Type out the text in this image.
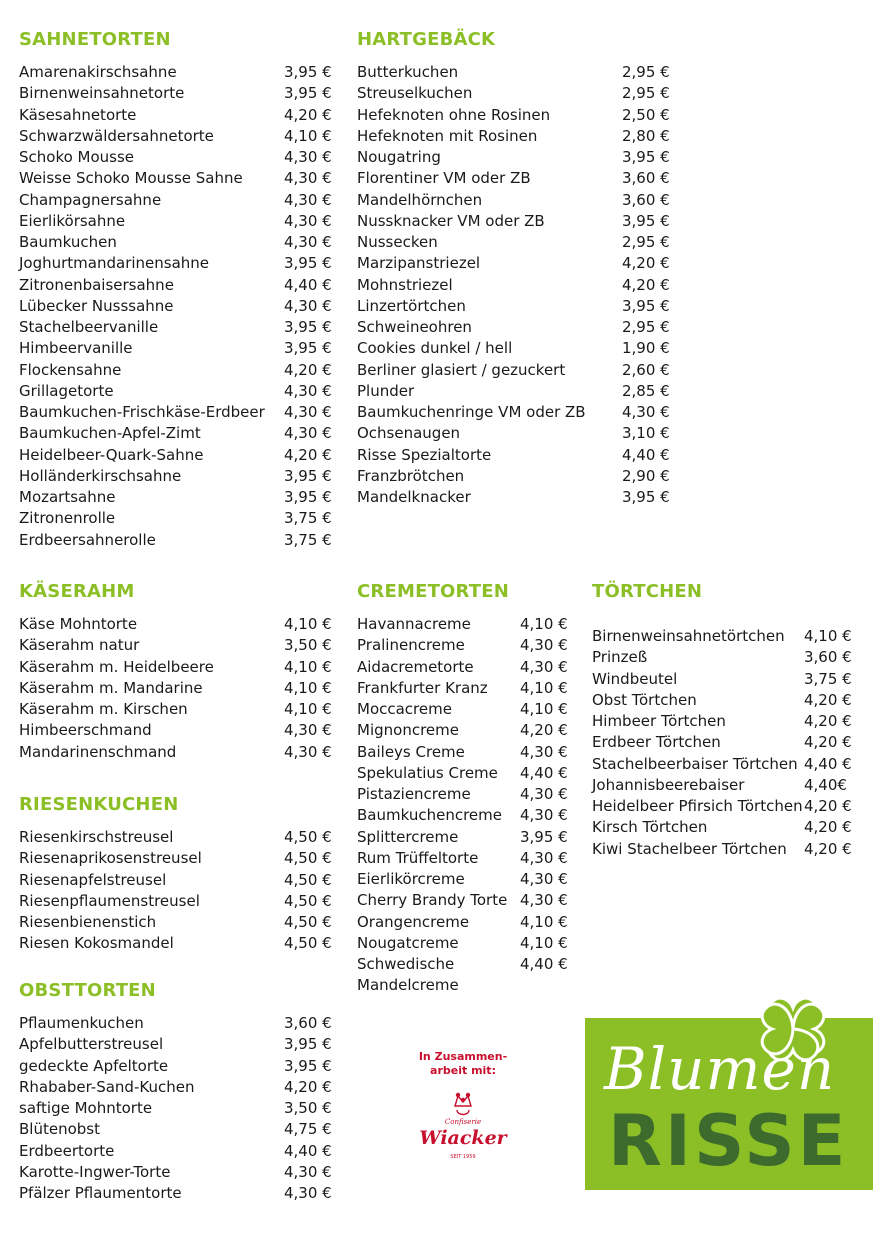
SAHNETORTEN
Amarenakirschsahne	3,95 €
Birnenweinsahnetorte	3,95 €
Käsesahnetorte	4,20 €
Schwarzwäldersahnetorte	4,10 €
Schoko Mousse	4,30 €
Weisse Schoko Mousse Sahne	4,30 €
Champagnersahne	4,30 €
Eierlikörsahne	4,30 €
Baumkuchen	4,30 €
Joghurtmandarinensahne	3,95 €
Zitronenbaisersahne	4,40 €
Lübecker Nusssahne	4,30 €
Stachelbeervanille	3,95 €
Himbeervanille	3,95 €
Flockensahne	4,20 €
Grillagetorte	4,30 €
Baumkuchen-Frischkäse-Erdbeer 4,30 €
Baumkuchen-Apfel-Zimt	4,30 €
Heidelbeer-Quark-Sahne	4,20 €
Holländerkirschsahne	3,95 €
Mozartsahne	3,95 €
Zitronenrolle	3,75 €
Erdbeersahnerolle	3,75 €
HARTGEBÄCK
Butterkuchen	2,95 €
Streuselkuchen	2,95 €
Hefeknoten ohne Rosinen	2,50 €
Hefeknoten mit Rosinen	2,80 €
Nougatring	3,95 €
Florentiner VM oder ZB	3,60 €
Mandelhörnchen	3,60 €
Nussknacker VM oder ZB	3,95 €
Nussecken	2,95 €
Marzipanstriezel	4,20 €
Mohnstriezel	4,20 €
Linzertörtchen	3,95 €
Schweineohren	2,95 €
Cookies dunkel / hell	1,90 €
Berliner glasiert / gezuckert	2,60 €
Plunder	2,85 €
Baumkuchenringe VM oder ZB 4,30 €
Ochsenaugen	3,10 €
Risse Spezialtorte	4,40 €
Franzbrötchen	2,90 €
Mandelknacker	3,95 €
KÄSERAHM
Käse Mohntorte	4,10 €
Käserahm natur	3,50 €
Käserahm m. Heidelbeere	4,10 €
Käserahm m. Mandarine	4,10 €
Käserahm m. Kirschen	4,10 €
Himbeerschmand	4,30 €
Mandarinenschmand	4,30 €
CREMETORTEN
Havannacreme	4,10 €
Pralinencreme	4,30 €
Aidacremetorte	4,30 €
Frankfurter Kranz 4,10 €
Moccacreme	4,10 €
Mignoncreme	4,20 €
Baileys Creme	4,30 €
Spekulatius Creme 4,40 €
Pistaziencreme	4,30 €
Baumkuchencreme 4,30 €
Splittercreme	3,95 €
Rum Trüffeltorte	4,30 €
Eierlikörcreme	4,30 €
Cherry Brandy Torte 4,30 €
Orangencreme	4,10 €
Nougatcreme	4,10 €
Schwedische	4,40 €
Mandelcreme
TÖRTCHEN
Birnenweinsahnetörtchen 4,10 €
Prinzeß	3,60 €
Windbeutel	3,75 €
Obst Törtchen	4,20 €
Himbeer Törtchen	4,20 €
Erdbeer Törtchen	4,20 €
Stachelbeerbaiser Törtchen 4,40 €
Johannisbeerebaiser	4,40€
Heidelbeer Pfirsich Törtchen 4,20 €
Kirsch Törtchen	4,20 €
Kiwi Stachelbeer Törtchen 4,20 €
RIESENKUCHEN
Riesenkirschstreusel	4,50 €
Riesenaprikosenstreusel	4,50 €
Riesenapfelstreusel	4,50 €
Riesenpflaumenstreusel	4,50 €
Riesenbienenstich	4,50 €
Riesen Kokosmandel	4,50 €
OBSTTORTEN
Pflaumenkuchen	3,60 €
Apfelbutterstreusel	3,95 €
gedeckte Apfeltorte	3,95 €
Rhababer-Sand-Kuchen	4,20 €
saftige Mohntorte	3,50 €
Blütenobst	4,75 €
Erdbeertorte	4,40 €
Karotte-Ingwer-Torte	4,30 €
Pfälzer Pflaumentorte	4,30 €
In Zusammen-
arbeit mit:
Confiserie
Wiacker
SEIT 1959
Blumen
RISSE
